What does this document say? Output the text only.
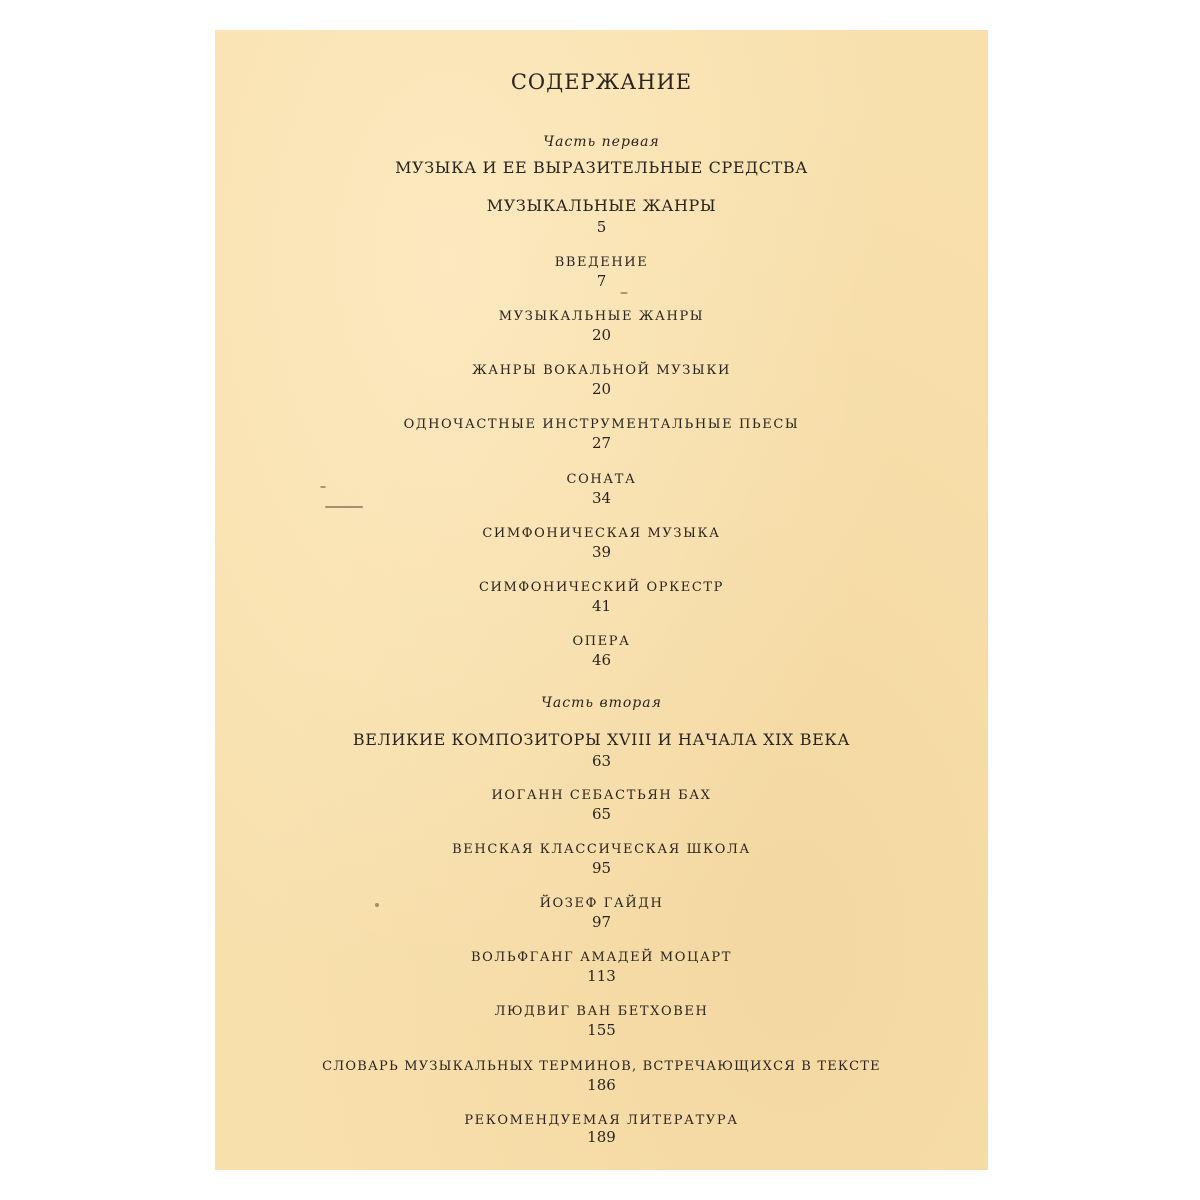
СОДЕРЖАНИЕ
Часть первая
МУЗЫКА И ЕЕ ВЫРАЗИТЕЛЬНЫЕ СРЕДСТВА
МУЗЫКАЛЬНЫЕ ЖАНРЫ
5
ВВЕДЕНИЕ
7
МУЗЫКАЛЬНЫЕ ЖАНРЫ
20
ЖАНРЫ ВОКАЛЬНОЙ МУЗЫКИ
20
ОДНОЧАСТНЫЕ ИНСТРУМЕНТАЛЬНЫЕ ПЬЕСЫ
27
СОНАТА
34
СИМФОНИЧЕСКАЯ МУЗЫКА
39
СИМФОНИЧЕСКИЙ ОРКЕСТР
41
ОПЕРА
46
Часть вторая
ВЕЛИКИЕ КОМПОЗИТОРЫ XVIII И НАЧАЛА XIX ВЕКА
63
ИОГАНН СЕБАСТЬЯН БАХ
65
ВЕНСКАЯ КЛАССИЧЕСКАЯ ШКОЛА
95
ЙОЗЕФ ГАЙДН
97
ВОЛЬФГАНГ АМАДЕЙ МОЦАРТ
113
ЛЮДВИГ ВАН БЕТХОВЕН
155
СЛОВАРЬ МУЗЫКАЛЬНЫХ ТЕРМИНОВ, ВСТРЕЧАЮЩИХСЯ В ТЕКСТЕ
186
РЕКОМЕНДУЕМАЯ ЛИТЕРАТУРА
189
